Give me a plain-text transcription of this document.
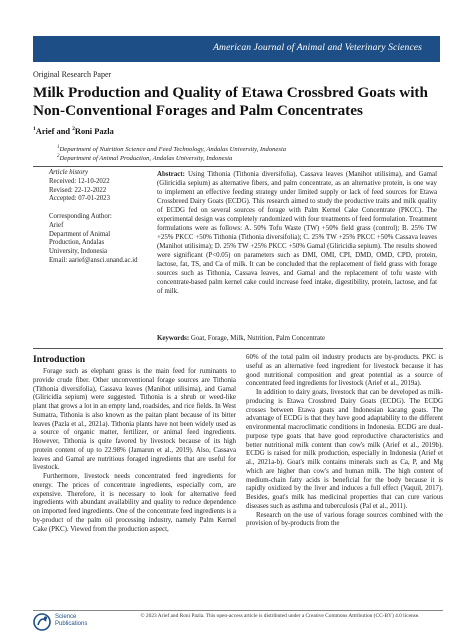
American Journal of Animal and Veterinary Sciences
Original Research Paper
Milk Production and Quality of Etawa Crossbred Goats with Non-Conventional Forages and Palm Concentrates
$^1$Arief and $^2$Roni Pazla
$^1$Department of Nutrition Science and Feed Technology, Andalas University, Indonesia
$^2$Department of Animal Production, Andalas University, Indonesia
Article history
Received: 12-10-2022
Revised: 22-12-2022
Accepted: 07-01-2023
Corresponding Author:
Arief
Department of Animal
Production, Andalas
University, Indonesia
Email: aarief@ansci.unand.ac.id
Abstract: Using Tithonia (Tithonia diversifolia), Cassava leaves (Manihot utilisima), and Gamal (Gliricidia sepium) as alternative fibers, and palm concentrate, as an alternative protein, is one way to implement an effective feeding strategy under limited supply or lack of feed sources for Etawa Crossbreed Dairy Goats (ECDG). This research aimed to study the productive traits and milk quality of ECDG fed on several sources of forage with Palm Kernel Cake Concentrate (PKCC). The experimental design was completely randomized with four treatments of feed formulation. Treatment formulations were as follows: A. 50% Tofu Waste (TW) +50% field grass (control); B. 25% TW +25% PKCC +50% Tithonia (Tithonia diversifolia); C. 25% TW +25% PKCC +50% Cassava leaves (Manihot utilisima); D. 25% TW +25% PKCC +50% Gamal (Gliricidia sepium). The results showed were significant (P<0.05) on parameters such as DMI, OMI, CPI, DMD, OMD, CPD, protein, lactose, fat, TS, and Ca of milk. It can be concluded that the replacement of field grass with forage sources such as Tithonia, Cassava leaves, and Gamal and the replacement of tofu waste with concentrate-based palm kernel cake could increase feed intake, digestibility, protein, lactose, and fat of milk.
Keywords: Goat, Forage, Milk, Nutrition, Palm Concentrate
Introduction

Forage such as elephant grass is the main feed for ruminants to provide crude fiber. Other unconventional forage sources are Tithonia (Tithonia diversifolia), Cassava leaves (Manihot utilisima), and Gamal (Gliricidia sepium) were suggested. Tithonia is a shrub or weed-like plant that grows a lot in an empty land, roadsides, and rice fields. In West Sumatra, Tithonia is also known as the paitan plant because of its bitter leaves (Pazla et al., 2021a). Tithonia plants have not been widely used as a source of organic matter, fertilizer, or animal feed ingredients. However, Tithonia is quite favored by livestock because of its high protein content of up to 22.98% (Jamarun et al., 2019). Also, Cassava leaves and Gamal are nutritious foraged ingredients that are useful for livestock.

Furthermore, livestock needs concentrated feed ingredients for energy. The prices of concentrate ingredients, especially corn, are expensive. Therefore, it is necessary to look for alternative feed ingredients with abundant availability and quality to reduce dependence on imported feed ingredients. One of the concentrate feed ingredients is a by-product of the palm oil processing industry, namely Palm Kernel Cake (PKC). Viewed from the production aspect,

60% of the total palm oil industry products are by-products. PKC is useful as an alternative feed ingredient for livestock because it has good nutritional composition and great potential as a source of concentrated feed ingredients for livestock (Arief et al., 2019a).

In addition to dairy goats, livestock that can be developed as milk-producing is Etawa Crossbred Dairy Goats (ECDG). The ECDG crosses between Etawa goats and Indonesian kacang goats. The advantage of ECDG is that they have good adaptability to the different environmental macroclimatic conditions in Indonesia. ECDG are dual-purpose type goats that have good reproductive characteristics and better nutritional milk content than cow's milk (Arief et al., 2019b). ECDG is raised for milk production, especially in Indonesia (Arief et al., 2021a-b). Goat's milk contains minerals such as Ca, P, and Mg which are higher than cow's and human milk. The high content of medium-chain fatty acids is beneficial for the body because it is rapidly oxidized by the liver and induces a full effect (Vaquil, 2017). Besides, goat's milk has medicinal properties that can cure various diseases such as asthma and tuberculosis (Pal et al., 2011).

Research on the use of various forage sources combined with the provision of by-products from the

Science
Publications
© 2023 Arief and Roni Pazla. This open-access article is distributed under a Creative Commons Attribution (CC-BY) 4.0 license.
